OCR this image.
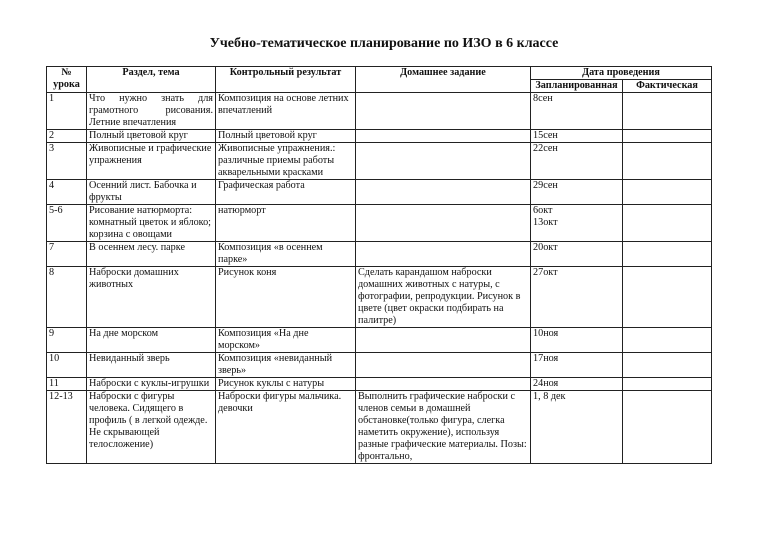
Учебно-тематическое планирование по ИЗО в 6 классе
№
урока	Раздел, тема	Контрольный результат	Домашнее задание	Дата проведения	
				Запланированная	Фактическая
1	Что нужно знать для грамотного рисования. Летние впечатления	Композиция на основе летних впечатлений		8сен	
2	Полный цветовой круг	Полный цветовой круг		15сен	
3	Живописные и графические упражнения	Живописные упражнения.: различные приемы работы акварельными красками		22сен	
4	Осенний лист. Бабочка и фрукты	Графическая работа		29сен	
5-6	Рисование натюрморта: комнатный цветок и яблоко; корзина с овощами	натюрморт		6окт
13окт	
7	В осеннем лесу. парке	Композиция «в осеннем парке»		20окт	
8	Наброски домашних животных	Рисунок коня	Сделать карандашом наброски домашних животных с натуры, с фотографии, репродукции. Рисунок в цвете (цвет окраски подбирать на палитре)	27окт	
9	На дне морском	Композиция «На дне морском»		10ноя	
10	Невиданный зверь	Композиция «невиданный зверь»		17ноя	
11	Наброски с куклы-игрушки	Рисунок куклы с натуры		24ноя	
12-13	Наброски с фигуры человека. Сидящего в профиль ( в легкой одежде. Не скрывающей телосложение)	Наброски фигуры мальчика. девочки	Выполнить графические наброски с членов семьи в домашней обстановке(только фигура, слегка наметить окружение), используя разные графические материалы. Позы: фронтально,	1, 8 дек	
